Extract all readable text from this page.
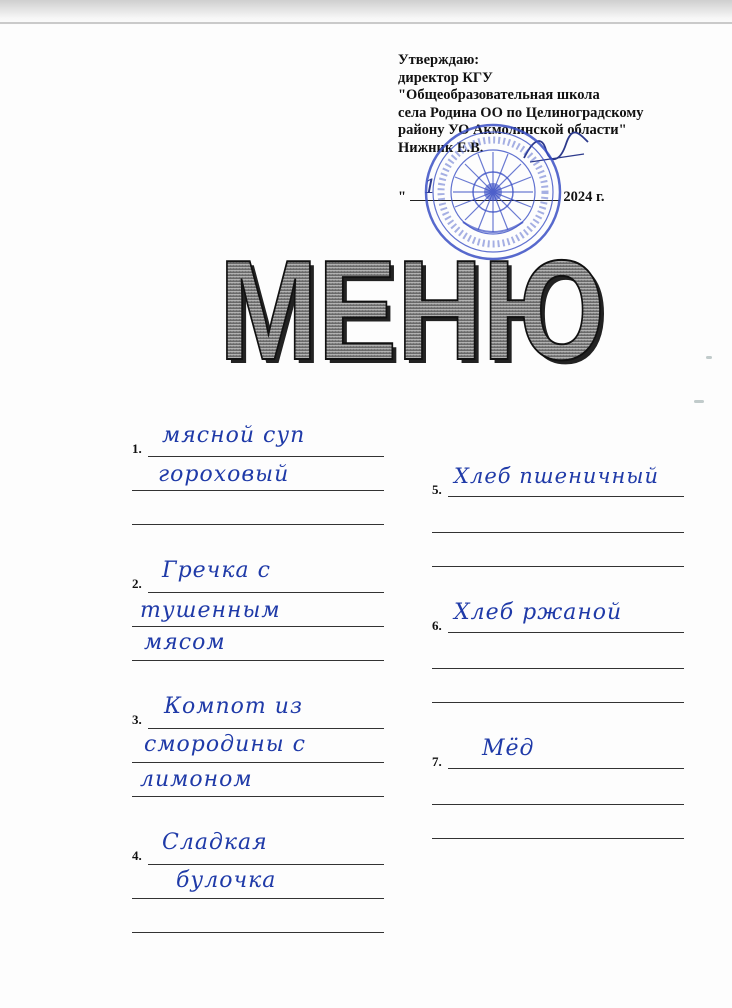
Утверждаю:
директор КГУ
"Общеобразовательная школа
села Родина ОО по Целиноградскому
району УО Акмолинской области"
Нижник Е.В.
" 1	2024 г.
МЕНЮ
МЕНЮ
1.
мясной суп
гороховый
2.
Гречка с
тушенным
мясом
3.
Компот из
смородины с
лимоном
4.
Сладкая
булочка
5.
Хлеб пшеничный
6.
Хлеб ржаной
7.
Мёд
